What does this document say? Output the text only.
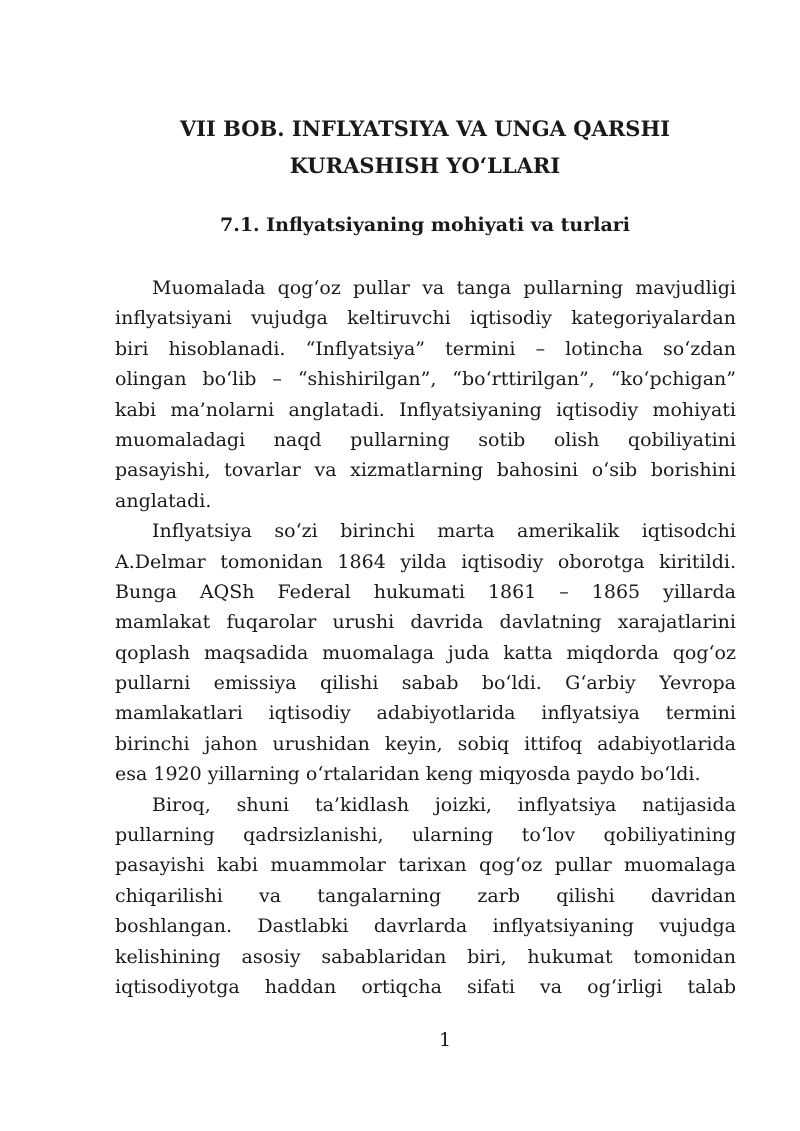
VII BOB. INFLYATSIYA VA UNGA QARSHI
KURASHISH YO‘LLARI
7.1. Inflyatsiyaning mohiyati va turlari
Muomalada qog‘oz pullar va tanga pullarning mavjudligi
inflyatsiyani vujudga keltiruvchi iqtisodiy kategoriyalardan
biri hisoblanadi. “Inflyatsiya” termini – lotincha so‘zdan
olingan bo‘lib – “shishirilgan”, “bo‘rttirilgan”, “ko‘pchigan”
kabi ma’nolarni anglatadi. Inflyatsiyaning iqtisodiy mohiyati
muomaladagi naqd pullarning sotib olish qobiliyatini
pasayishi, tovarlar va xizmatlarning bahosini o‘sib borishini
anglatadi.
Inflyatsiya so‘zi birinchi marta amerikalik iqtisodchi
A.Delmar tomonidan 1864 yilda iqtisodiy oborotga kiritildi.
Bunga AQSh Federal hukumati 1861 – 1865 yillarda
mamlakat fuqarolar urushi davrida davlatning xarajatlarini
qoplash maqsadida muomalaga juda katta miqdorda qog‘oz
pullarni emissiya qilishi sabab bo‘ldi. G‘arbiy Yevropa
mamlakatlari iqtisodiy adabiyotlarida inflyatsiya termini
birinchi jahon urushidan keyin, sobiq ittifoq adabiyotlarida
esa 1920 yillarning o‘rtalaridan keng miqyosda paydo bo‘ldi.
Biroq, shuni ta’kidlash joizki, inflyatsiya natijasida
pullarning qadrsizlanishi, ularning to‘lov qobiliyatining
pasayishi kabi muammolar tarixan qog‘oz pullar muomalaga
chiqarilishi va tangalarning zarb qilishi davridan
boshlangan. Dastlabki davrlarda inflyatsiyaning vujudga
kelishining asosiy sabablaridan biri, hukumat tomonidan
iqtisodiyotga haddan ortiqcha sifati va og‘irligi talab
1
